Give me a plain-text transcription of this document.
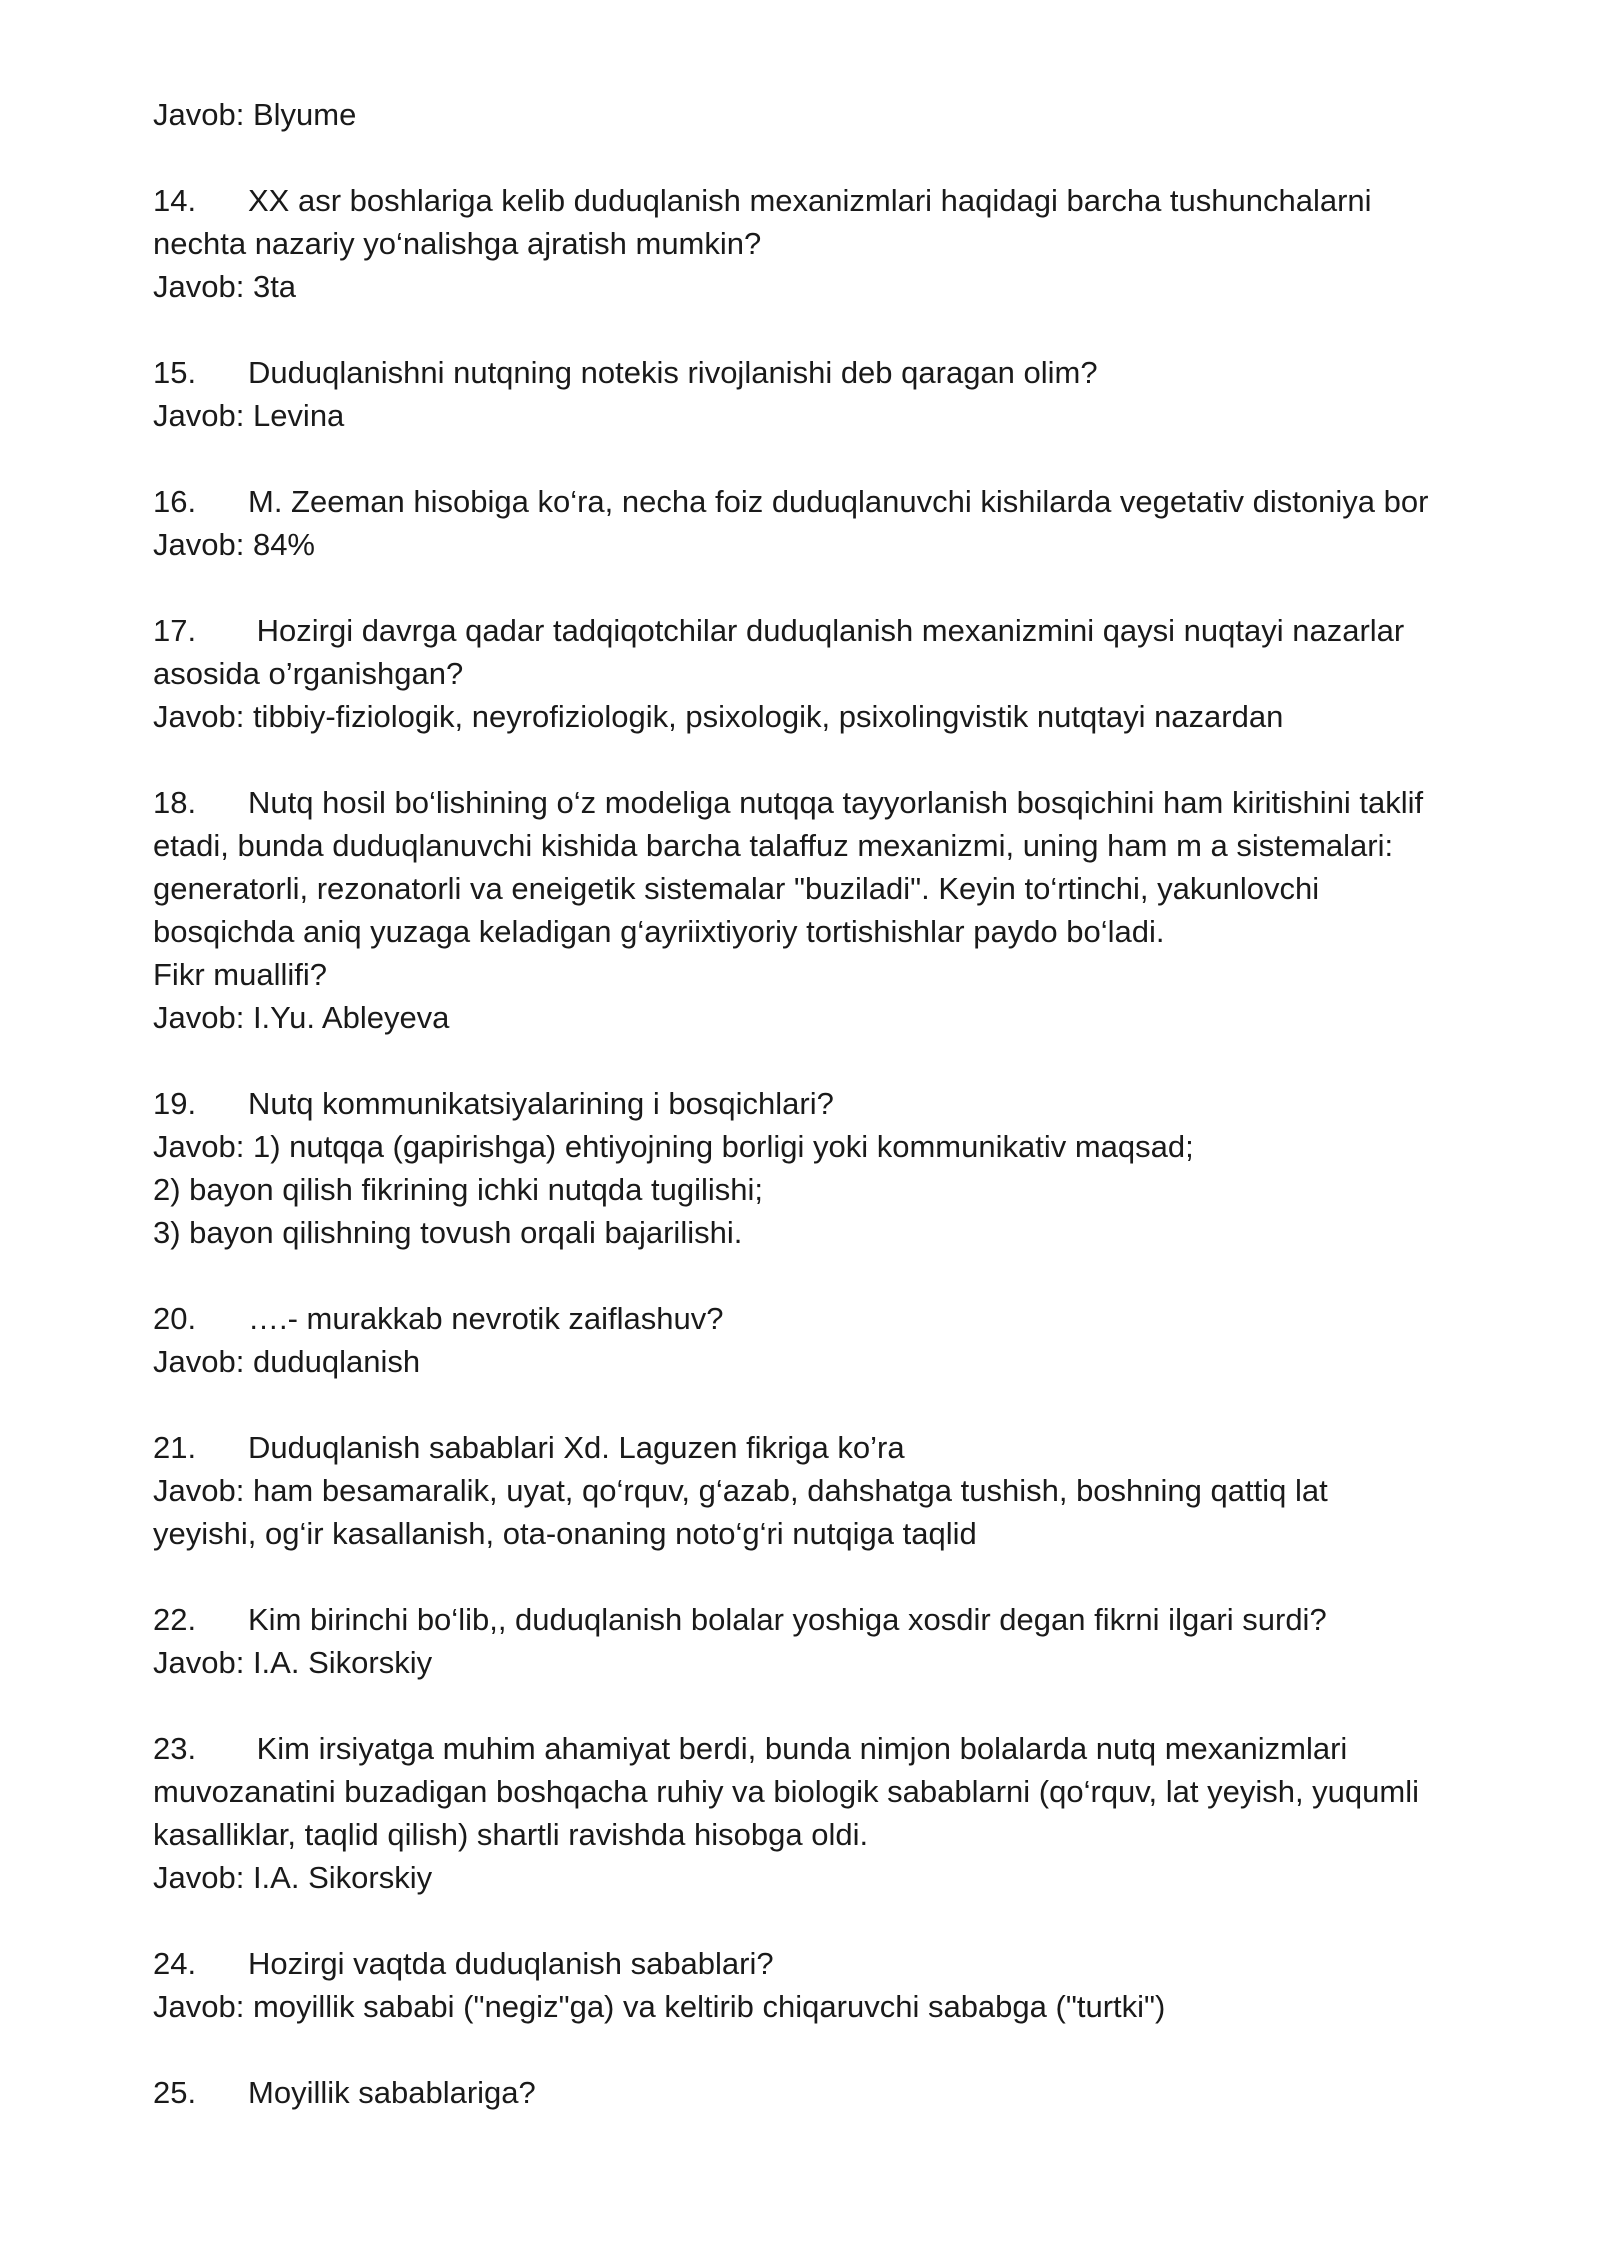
Javob: Blyume
14. XX asr boshlariga kelib duduqlanish mexanizmlari haqidagi barcha tushunchalarni
nechta nazariy yo‘nalishga ajratish mumkin?
Javob: 3ta
15. Duduqlanishni nutqning notekis rivojlanishi deb qaragan olim?
Javob: Levina
16. M. Zeeman hisobiga ko‘ra, necha foiz duduqlanuvchi kishilarda vegetativ distoniya bor
Javob: 84%
17. Hozirgi davrga qadar tadqiqotchilar duduqlanish mexanizmini qaysi nuqtayi nazarlar
asosida o’rganishgan?
Javob: tibbiy-fiziologik, neyrofiziologik, psixologik, psixolingvistik nutqtayi nazardan
18. Nutq hosil bo‘lishining o‘z modeliga nutqqa tayyorlanish bosqichini ham kiritishini taklif
etadi, bunda duduqlanuvchi kishida barcha talaffuz mexanizmi, uning ham m a sistemalari:
generatorli, rezonatorli va eneigetik sistemalar "buziladi". Keyin to‘rtinchi, yakunlovchi
bosqichda aniq yuzaga keladigan g‘ayriixtiyoriy tortishishlar paydo bo‘ladi.
Fikr muallifi?
Javob: I.Yu. Ableyeva
19. Nutq kommunikatsiyalarining i bosqichlari?
Javob: 1) nutqqa (gapirishga) ehtiyojning borligi yoki kommunikativ maqsad;
2) bayon qilish fikrining ichki nutqda tugilishi;
3) bayon qilishning tovush orqali bajarilishi.
20. ….- murakkab nevrotik zaiflashuv?
Javob: duduqlanish
21. Duduqlanish sabablari Xd. Laguzen fikriga ko’ra
Javob: ham besamaralik, uyat, qo‘rquv, g‘azab, dahshatga tushish, boshning qattiq lat
yeyishi, og‘ir kasallanish, ota-onaning noto‘g‘ri nutqiga taqlid
22. Kim birinchi bo‘lib,, duduqlanish bolalar yoshiga xosdir degan fikrni ilgari surdi?
Javob: I.A. Sikorskiy
23. Kim irsiyatga muhim ahamiyat berdi, bunda nimjon bolalarda nutq mexanizmlari
muvozanatini buzadigan boshqacha ruhiy va biologik sabablarni (qo‘rquv, lat yeyish, yuqumli
kasalliklar, taqlid qilish) shartli ravishda hisobga oldi.
Javob: I.A. Sikorskiy
24. Hozirgi vaqtda duduqlanish sabablari?
Javob: moyillik sababi ("negiz"ga) va keltirib chiqaruvchi sababga ("turtki")
25. Moyillik sabablariga?
